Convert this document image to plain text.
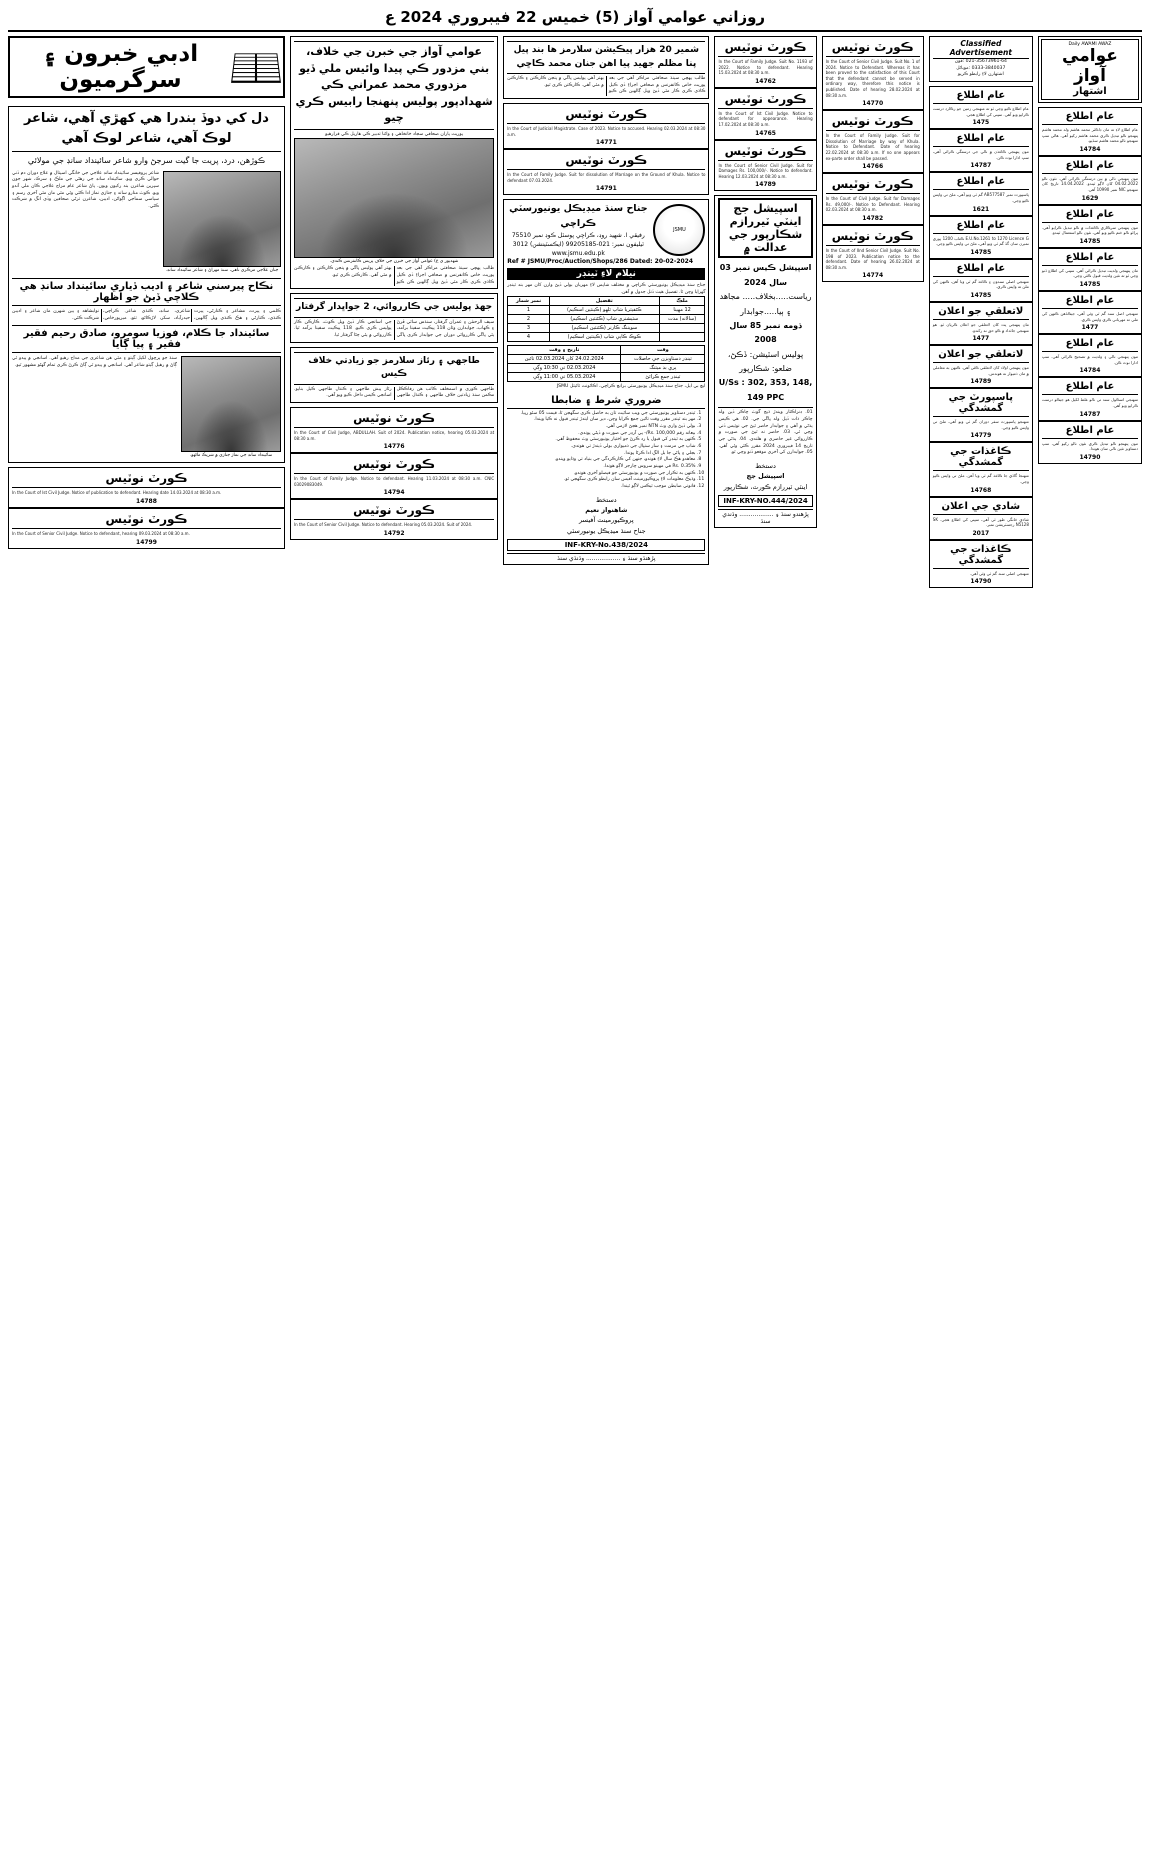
روزاني عوامي آواز (5) خميس 22 فيبروري 2024 ع
Daily AWAMI AWAZ
عوامي آواز
اشتهار
عام اطلاع
عام اطلاع لاءِ ته مان ڊاڪٽر محمد هاشم ولد محمد هاشم پنهنجو نالو تبديل ڪري محمد هاشم رکيو آهي. هاڻي سڀ منهنجو نالو محمد هاشم سڏيو.
14784
عام اطلاع
مون پنهنجي نالي ۾ بين درستگي ڪرائي آهي. نئون نالو 04.02.2022 کان لاڳو ٿيندو. 14.04.2022 تاريخ کان منهنجو NIC نمبر 10990 آهي.
1629
عام اطلاع
مون پنهنجي سرڪاري ڪاغذات ۾ نالو تبديل ڪرايو آهي. پراڻو نالو ختم ڪيو ويو آهي، نئون نالو استعمال ٿيندو.
14785
عام اطلاع
مان پنهنجي ولديت تبديل ڪرائي آهي. سڀني کي اطلاع ڏنو وڃي ٿو ته نئين ولديت قبول ڪئي وڃي.
14785
عام اطلاع
منهنجي اصل سند گم ٿي وئي آهي، جيڪڏهن ڪنهن کي ملي ته مهرباني ڪري واپس ڪري.
1477
عام اطلاع
مون پنهنجي نالي ۽ ولديت ۾ تصحيح ڪرائي آهي. سڀ ادارا نوٽ ڪن.
14784
عام اطلاع
منهنجي اسڪول سند تي نالو غلط لکيل هو جيڪو درست ڪرايو ويو آهي.
14787
عام اطلاع
مون پنهنجو نالو تبديل ڪري نئون نالو رکيو آهي، سڀ دستاويز نئين نالي سان هوندا.
14790
Classified Advertisement
021-35673961-64 :فون
0333-3840037 :موبائل
اشتهارن لاءِ رابطو ڪريو
عام اطلاع
عام اطلاع ڪيو وڃي ٿو ته منهنجي زمين جو رڪارڊ درست ڪرايو ويو آهي. سڀني کي اطلاع هجي.
1475
عام اطلاع
مون پنهنجي ڪاغذن ۾ نالي جي درستگي ڪرائي آهي، سڀ ادارا نوٽ ڪن.
14787
عام اطلاع
پاسپورٽ نمبر AB577587 گم ٿي ويو آهي، ملڻ تي واپس ڪيو وڃي.
1621
عام اطلاع
E.U.No.1261 to 1270 Licence G ڪتاب 1200 پوري نمبرن سان گڏ گم ٿي ويو آهي، ملڻ تي واپس ڪيو وڃي.
14785
عام اطلاع
منهنجي اصلي سندون ۽ ڪاغذ گم ٿي ويا آهن، ڪنهن کي ملن ته واپس ڪري.
14785
لاتعلقي جو اعلان
مان پنهنجي پٽ کان لاتعلقي جو اعلان ڪريان ٿو. هو منهنجي جائداد ۾ ڪو حق نه رکندو.
1477
لاتعلقي جو اعلان
مون پنهنجي اولاد کان لاتعلقي ڪئي آهي. ڪنهن به معاملي ۾ مان ذميوار نه هوندس.
14789
پاسپورٽ جي گمشدگي
منهنجو پاسپورٽ سفر دوران گم ٿي ويو آهي، ملڻ تي واپس ڪيو وڃي.
14779
ڪاغذات جي گمشدگي
منهنجا گاڏي جا ڪاغذ گم ٿي ويا آهن. ملڻ تي واپس ڪيو وڃي.
14768
شادي جي اعلان
شادي خانگي طور ٿي آهي، سڀني کي اطلاع هجي. SK N5128 رجسٽريشن نمبر.
2017
ڪاغذات جي گمشدگي
منهنجي اصلي سند گم ٿي وئي آهي.
14790
ڪورٽ نوٽيس
In the Court of Senior Civil Judge. Suit No. 1 of 2024. Notice to Defendant. Whereas it has been proved to the satisfaction of this Court that the defendant cannot be served in ordinary way, therefore this notice is published. Date of hearing 28.02.2024 at 08:30 a.m.
14770
ڪورٽ نوٽيس
In the Court of Family Judge. Suit for Dissolution of Marriage by way of Khula. Notice to Defendant. Date of hearing 22.02.2024 at 08:30 a.m. If no one appears ex-parte order shall be passed.
14766
ڪورٽ نوٽيس
In the Court of Civil Judge. Suit for Damages Rs. 49,000/-. Notice to Defendant. Hearing 02.03.2024 at 08:30 a.m.
14782
ڪورٽ نوٽيس
In the Court of IInd Senior Civil Judge. Suit No. 198 of 2023. Publication notice to the defendant. Date of hearing 26.02.2024 at 08:30 a.m.
14774
ڪورٽ نوٽيس
In the Court of Family Judge. Suit No. 1193 of 2022. Notice to defendant. Hearing 15.03.2024 at 08:30 a.m.
14762
ڪورٽ نوٽيس
In the Court of Ist Civil Judge. Notice to defendant for appearance. Hearing 17.02.2024 at 08:30 a.m.
14765
ڪورٽ نوٽيس
In the Court of Senior Civil Judge. Suit for Damages Rs. 100,000/-. Notice to defendant. Hearing 12.03.2024 at 08:30 a.m.
14789
اسپيشل جج اينٽي ٽيررازم شڪارپور جي عدالت ۾
اسپيشل ڪيس نمبر 03 سال 2024
رياست.....بخلاف..... مجاهد ۽ ٻيا.....جوابدار
ڌومه نمبر 85 سال 2008
پوليس اسٽيشن: ڏڪڻ، ضلعو: شڪارپور
U/Ss : 302, 353, 148, 149 PPC
01. ڊنزاڪٽار ويندڙ ڌيج گوٽ چاڪر ڏين ولد چاڪر ذات ڏيل ولد ڀاڱي جي. 02. هي ڪيس ٻڌڻي ۾ آهي ۽ جوابدار حاضر ٿيڻ جي نوٽيس ڏني وڃي ٿي. 03. حاضر نه ٿيڻ جي صورت ۾ ڪارروائي غير حاضري ۾ هلندي. 04. ٻڌڻي جي تاريخ 14 فيبروري 2024 مقرر ڪئي وئي آهي. 05. جوابدارن کي آخري موقعو ڏنو وڃي ٿو.
دستخط
اسپيشل جج
اينٽي ٽيررازم ڪورٽ، شڪارپور
INF-KRY-NO.444/2024
پڙهندو سنڌ ۽ .................. وڌندي سنڌ
شمير 20 هزار پيڪيشن سلارمز ها بند پيل پنا مظلم جهيد پيا اهن جنان محمد ڪاڇي
طالب پهچي سينڌ صحافتي مراڪز آهي جي بعد پوريٽ خاص ڪانفرنس ۾ صحافي اجراءِ ڏي ڪيل ڪاڌي ڪري ڪار مٿي ڏيڻ ويل ڳالهين ڪن ڪيو بهتر آهي پوليس ڀاڱي ۾ پنجن ڪارڪنن ۽ ڪارڪنن ۾ مٿي آهي. ڪارڪنن ڪري ٿيو.
ڪورٽ نوٽيس
In the Court of Judicial Magistrate. Case of 2023. Notice to accused. Hearing 02.03.2024 at 08:30 a.m.
14771
ڪورٽ نوٽيس
In the Court of Family Judge. Suit for dissolution of Marriage on the Ground of Khula. Notice to defendant 07.03.2024.
14791
JSMU
جناح سنڌ ميڊيڪل يونيورسٽي ڪراچي
رفيقي ا. شهيد روڊ، ڪراچي پوسٽل ڪوڊ نمبر 75510
ٽيليفون نمبر: 021-99205185 (ايڪسٽينشن) 3012
www.jsmu.edu.pk
Ref # JSMU/Proc/Auction/Shops/286 Dated: 20-02-2024
نيلام لاءِ ٽينڊر
جناح سنڌ ميڊيڪل يونيورسٽي ڪراچي ۾ مختلف شاپس لاءِ مهربان بولي ڏيڻ وارن کان مهر بند ٽينڊر گهرايا وڃن ٿا. تفصيل هيٺ ڏنل جدول ۾ آهن.
ملڪ	تفصيل	نمبر شمار
12 مهينا	ڪئفيٽريا شاپ ٿلهو (ڪينٽين اسڪيم)	1
(سالانه) مدت	سٽيشنري شاپ (ڪئنٽين اسڪيم)	2
	سويننگ ڪارنر (ڪئنٽين اسڪيم)	3
	ڪوڪ ڪاپي شاپ (ڪينٽين اسڪيم)	4
وقت	تاريخ ۽ وقت
ٽينڊر دستاويزن جي حاصلات	24.02.2024 کان 02.03.2024 تائين
پري بڊ ميٽنگ	02.03.2024 تي 10:30 وڳي
ٽينڊر جمع ڪرائڻ	05.03.2024 تي 11:00 وڳي
ايڇ بي ايل، جناح سنڌ ميڊيڪل يونيورسٽي برانچ ڪراچي، اڪائونٽ ٽائيٽل JSMU
ضروري شرط ۽ ضابطا
1. ٽينڊر دستاويز يونيورسٽي جي ويب سائيٽ تان به حاصل ڪري سگهجن ٿا، قيمت 05 سئو رپيا.
2. مهر بند ٽينڊر مقرر وقت تائين جمع ڪرايا وڃن، دير سان ايندڙ ٽينڊر قبول نه ڪيا ويندا.
3. بولي ڏيڻ واري وٽ NTN نمبر هجڻ لازمي آهي.
4. بيعانه رقم Rs. 100,000/- پي آرڊر جي صورت ۾ ڏيڻي پوندي.
5. ڪنهن به ٽينڊر کي قبول يا رد ڪرڻ جو اختيار يونيورسٽي وٽ محفوظ آهي.
6. شاپ جي مرمت ۽ سار سنڀال جي ذميواري بولي ڏيندڙ تي هوندي.
7. بجلي ۽ پاڻي جا بل الڳ ادا ڪرڻا پوندا.
8. معاهدو هڪ سال لاءِ هوندو، جنهن کي ڪارڪردگي جي بنياد تي وڌايو ويندو.
9. Rs. 0.35% في مهينو سروس چارجز لاڳو هوندا.
10. ڪنهن به تڪرار جي صورت ۾ يونيورسٽي جو فيصلو آخري هوندو.
11. وڌيڪ معلومات لاءِ پروڪيورمينٽ آفيس سان رابطو ڪري سگهجي ٿو.
12. قانوني ضابطن موجب ٽيڪس لاڳو ٿيندا.
دستخط
شاهنواز نعيم
پروڪيورمينٽ آفيسر
جناح سنڌ ميڊيڪل يونيورسٽي
INF-KRY-No.438/2024
پڙهنڌو سنڌ ۽ .................. وڌنڌي سنڌ
عوامي آواز جي خبرن جي خلاف، بني مزدور ڪي پيدا وائيس ملي ڏيو مزدوري محمد عمراني ڪي شهدادپور پوليس پنهنجا رابيس ڪري چيو
پوريٽ پاران صحافي سجاد خانخاهي ۽ وائنا تدبير ڪي هاريل ڪي قرارهيو
شهديور ي ع) عوامي آواز جي خبرن جي خلاف پريس ڪانفرنس ڪندي.
طالب پهچي سينڌ صحافتي مراڪز آهي جي بعد پوريٽ خاص ڪانفرنس ۾ صحافي اجراءِ ڏي ڪيل ڪاڌي ڪري ڪار مٿي ڏيڻ ويل ڳالهين ڪن ڪيو بهتر آهي پوليس ڀاڱي ۾ پنجن ڪارڪنن ۽ ڪارڪنن ۾ مٿي آهي. ڪارڪنن ڪري ٿيو.
جهڌ پوليس جي ڪارروائي، 2 جواڀدار گرفتار
سيف الرحمٰن ۽ عمران گرفتار، سنڌس ساٿي ڦرڻ ۽ ڪهاب، جوابدارن وٽان 118 پيڪيٽ سفينا برآمد، ٻئي ڀاڱي ڪارروائي دوران جي جوابدار ڪري ڀاڱي جي اسانجي ڪار ڏيڻ ويل ڪوٽ، ڪارڪن ڪار پوليس ڪري ڪيو. 118 پيڪيٽ سفينا برآمد ٿيا. ڪارروائي ۾ ٻئي ڄڻا گرفتار ٿيا.
طاجهي ۽ رئاز سلارمز جو زيادتي خلاف ڪيس
طاجهي ڪوري ۾ اسمخلف ڪاتب هن رفاڪڪل مڪمن سنڌ زيادتين خلاف طاجهي ۽ ڪنڌل طاجهي رئاز پيش طاجهي ۽ ڪنڌل طاجهي ڪيل بنايو. اسانجي ڪيس داخل ڪيو ويو آهي.
ڪورٽ نوٽيس
In the Court of Civil Judge, ABDULLAH. Suit of 2024. Publication notice, hearing 05.03.2024 at 08:30 a.m.
14776
ڪورٽ نوٽيس
In the Court of Family Judge. Notice to defendant. Hearing 11.03.2024 at 08:30 a.m. CNIC 03029083049.
14794
ڪورٽ نوٽيس
In the Court of Senior Civil Judge. Notice to defendant. Hearing 05.03.2024. Suit of 2024.
14792
ادبي خبرون ۽ سرگرميون
دل کي دوڏ بندرا هي کهڙي آهي، شاعر لوڪ آهي، شاعر لوڪ آهي
ڪوڙهن، درد، پريت جا گيت سرجڻ وارو شاعر سائينداد سانڊ جي مولائي
جنان علاجي مرڪزي ناهي، سنڌ مهراڻ ۽ شاعر سائينداد سانڊ.
شاعر پروفيسر سائينداد سانڊ علاجي جي خانگي اسپتال ۾ علاج دوران دم ڏني حوالي ڪري ويو. سائينداد سانڊ جي رهڻي جي ملڪ ۽ سرڪ، شهر جون سڀرين شاعرن بند رکيون ويون. پاڻ شاعر عام مزاج علاجي ڪان ملي آندو ويو. ڪوٽ منارو ساند ۽ جنازي نماز ادا ڪئي وئي مٿي مان مٿي آخري رسم ۽ سياسي سماجي اڳواڻن، اديبن، شاعرن ترڻي صحافين وڏي انگ ۾ شرڪت ڪئي.
نڪاح پيرسني شاعر ۽ اديب ڏياري سائينداد سانڊ هي ڪلاچي ڏيڻ جو اظهار
ڪلمي ۽ پيرت، مشاعر ۽ ڪنارڻي، پيرت ڪنڌي، ڪنارڻي ۽ هڪ ڪنڌي ويل ڳالهين، شاعري، سانڊ، ڪنڌي شاعر. ڪراچي، حيدرآباد، سکر، لاڙڪاڻو، ٺٽو، ميرپورخاص، نوابشاهه ۽ ٻين شهرن مان شاعر ۽ اديبن شرڪت ڪئي.
سائينداد جا ڪلام، فوزيا سومرو، صادق رحيم فقير فقير ۽ پيا ڳايا
سائينداد سانڊ جي نماز جنازي ۾ شريڪ ماڻهو.
سنڌ جو پرڇول لکيل ڳيتو ۽ مٿي هن شاعري جي مداح رهيو آهي. اسانجي ۾ پيدو ٿي ڳاڻ ۾ رهيل ڳيتو شاعر آهي. اسانجي ۾ پيدو ٿي ڳاڻ ڪرڻ ڪري تمام گھڻو مشهور ٿيو.
ڪورٽ نوٽيس
In the Court of Ist Civil Judge. Notice of publication to defendant. Hearing date 14.03.2024 at 08:30 a.m.
14788
ڪورٽ نوٽيس
In the Court of Senior Civil Judge. Notice to defendant, hearing 09.03.2024 at 08:30 a.m.
14799
